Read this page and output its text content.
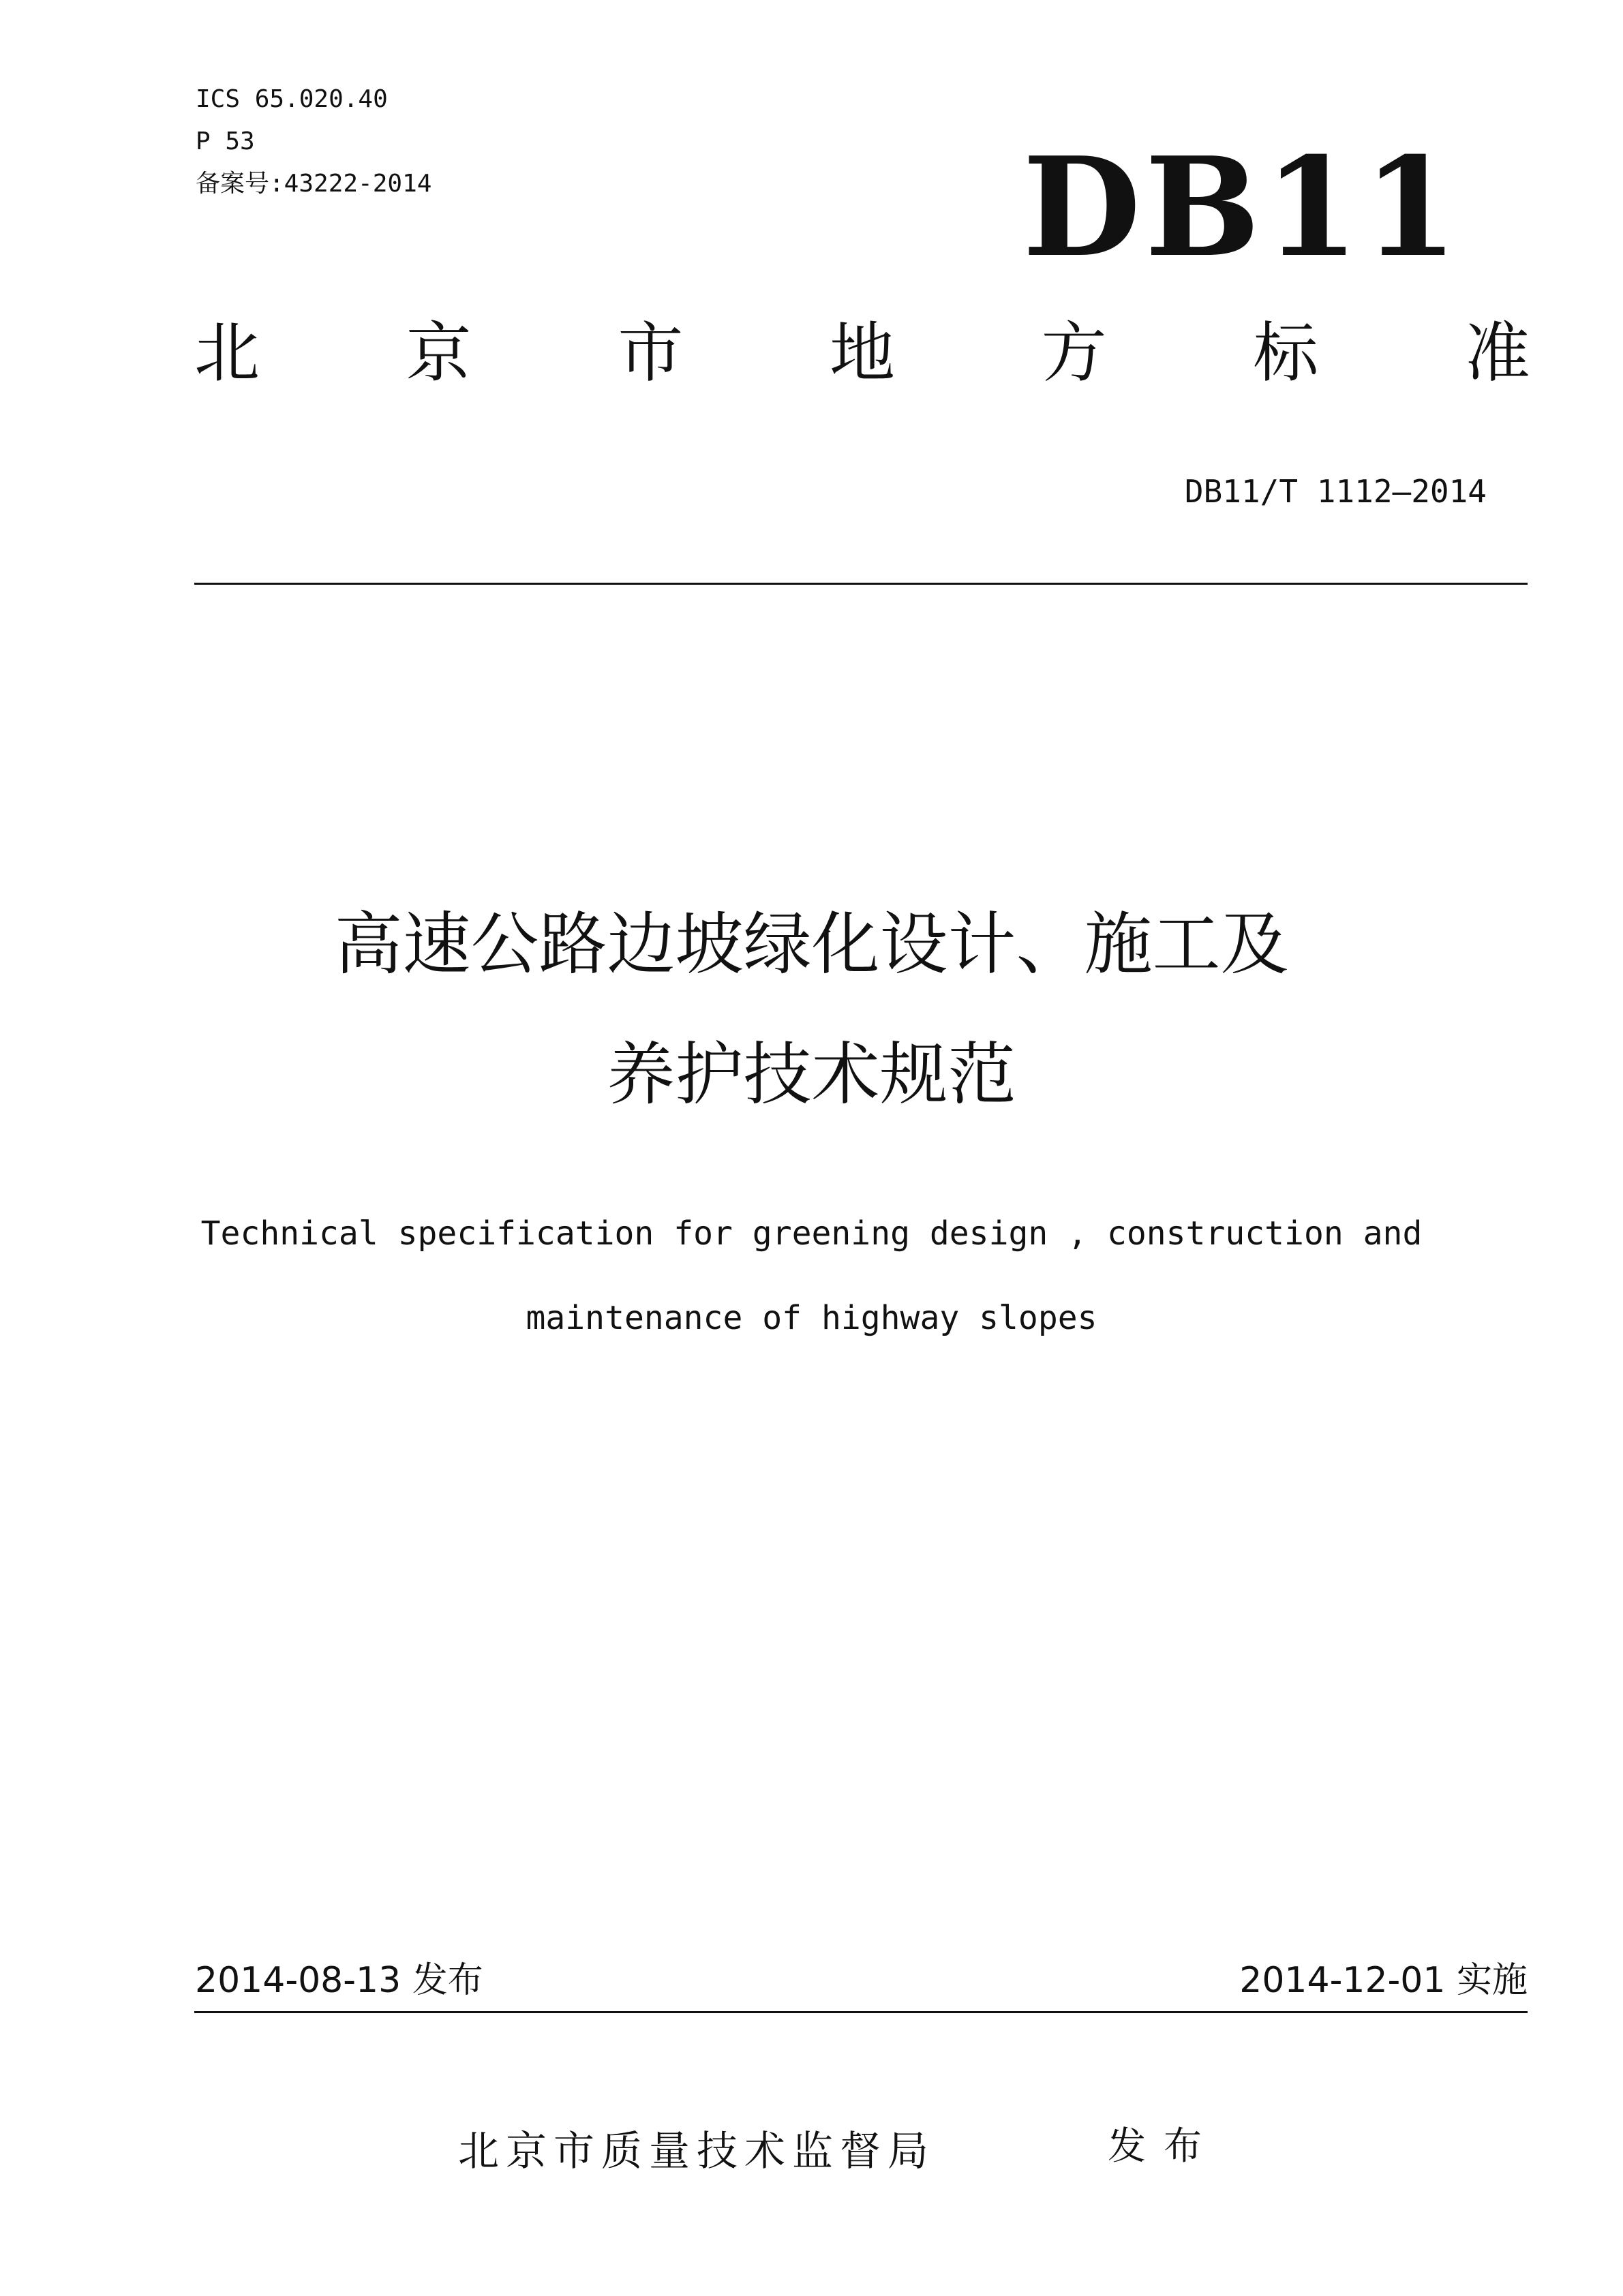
ICS 65.020.40
P 53
备案号:43222-2014	DB11
北 京 市 地 方 标 准
DB11/T 1112—2014
高速公路边坡绿化设计、施工及
养护技术规范
Technical specification for greening design , construction and
maintenance of highway slopes
2014-08-13 发布	2014-12-01 实施
北京市质量技术监督局	发布
